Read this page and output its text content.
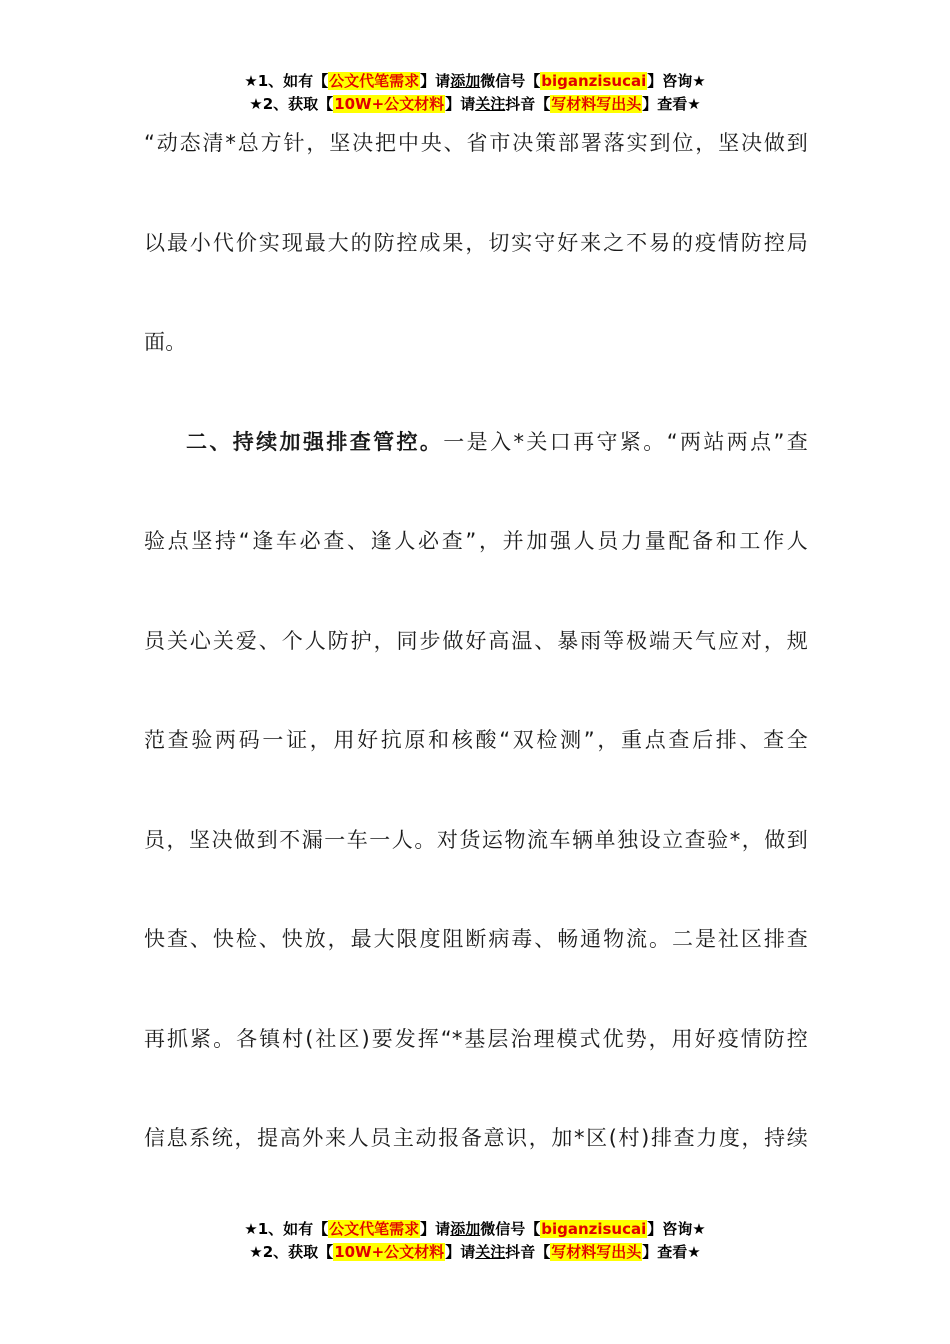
★1、如有【公文代笔需求】请添加微信号【biganzisucai】咨询★
★2、获取【10W+公文材料】请关注抖音【写材料写出头】查看★

“动态清*总方针，坚决把中央、省市决策部署落实到位，坚决做到

以最小代价实现最大的防控成果，切实守好来之不易的疫情防控局

面。

二、持续加强排查管控。一是入*关口再守紧。“两站两点”查

验点坚持“逢车必查、逢人必查”，并加强人员力量配备和工作人

员关心关爱、个人防护，同步做好高温、暴雨等极端天气应对，规

范查验两码一证，用好抗原和核酸“双检测”，重点查后排、查全

员，坚决做到不漏一车一人。对货运物流车辆单独设立查验*，做到

快查、快检、快放，最大限度阻断病毒、畅通物流。二是社区排查

再抓紧。各镇村(社区)要发挥“*基层治理模式优势，用好疫情防控

信息系统，提高外来人员主动报备意识，加*区(村)排查力度，持续

★1、如有【公文代笔需求】请添加微信号【biganzisucai】咨询★
★2、获取【10W+公文材料】请关注抖音【写材料写出头】查看★
